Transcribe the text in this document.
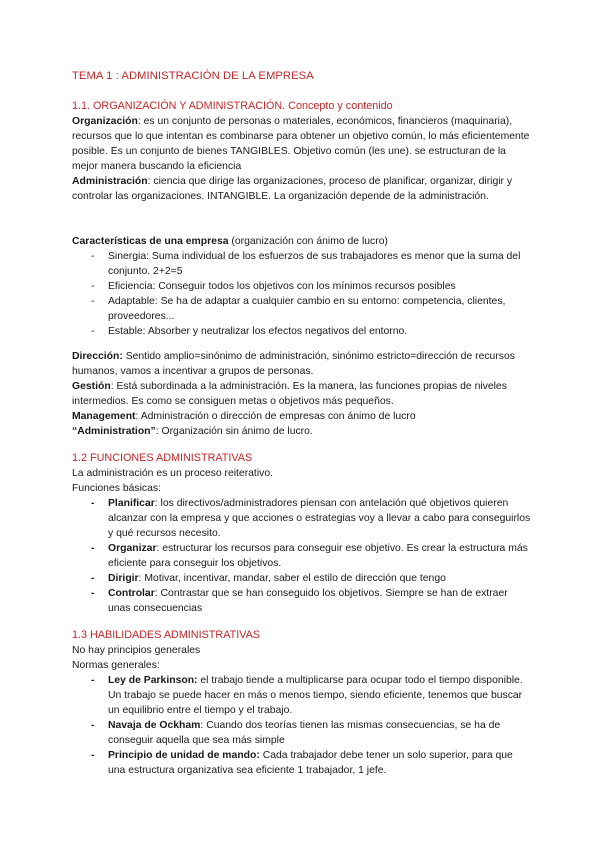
TEMA 1 : ADMINISTRACIÓN DE LA EMPRESA
1.1. ORGANIZACIÓN Y ADMINISTRACIÓN. Concepto y contenido

Organización: es un conjunto de personas o materiales, económicos, financieros (maquinaria), recursos que lo que intentan es combinarse para obtener un objetivo común, lo más eficientemente posible. Es un conjunto de bienes TANGIBLES. Objetivo común (les une). se estructuran de la mejor manera buscando la eficiencia

Administración: ciencia que dirige las organizaciones, proceso de planificar, organizar, dirigir y controlar las organizaciones. INTANGIBLE. La organización depende de la administración.

Características de una empresa (organización con ánimo de lucro)

- Sinergia: Suma individual de los esfuerzos de sus trabajadores es menor que la suma del conjunto. 2+2=5
- Eficiencia: Conseguir todos los objetivos con los mínimos recursos posibles
- Adaptable: Se ha de adaptar a cualquier cambio en su entorno: competencia, clientes, proveedores...
- Estable: Absorber y neutralizar los efectos negativos del entorno.

Dirección: Sentido amplio=sinónimo de administración, sinónimo estricto=dirección de recursos humanos, vamos a incentivar a grupos de personas.

Gestión: Está subordinada a la administración. Es la manera, las funciones propias de niveles intermedios. Es como se consiguen metas o objetivos más pequeños.

Management: Administración o dirección de empresas con ánimo de lucro

“Administration”: Organización sin ánimo de lucro.

1.2 FUNCIONES ADMINISTRATIVAS

La administración es un proceso reiterativo.

Funciones básicas:

- Planificar: los directivos/administradores piensan con antelación qué objetivos quieren alcanzar con la empresa y que acciones o estrategias voy a llevar a cabo para conseguirlos y qué recursos necesito.
- Organizar: estructurar los recursos para conseguir ese objetivo. Es crear la estructura más eficiente para conseguir los objetivos.
- Dirigir: Motivar, incentivar, mandar, saber el estilo de dirección que tengo
- Controlar: Contrastar que se han conseguido los objetivos. Siempre se han de extraer unas consecuencias
1.3 HABILIDADES ADMINISTRATIVAS

No hay principios generales

Normas generales:

- Ley de Parkinson: el trabajo tiende a multiplicarse para ocupar todo el tiempo disponible. Un trabajo se puede hacer en más o menos tiempo, siendo eficiente, tenemos que buscar un equilibrio entre el tiempo y el trabajo.
- Navaja de Ockham: Cuando dos teorías tienen las mismas consecuencias, se ha de conseguir aquella que sea más simple
- Principio de unidad de mando: Cada trabajador debe tener un solo superior, para que una estructura organizativa sea eficiente 1 trabajador, 1 jefe.
